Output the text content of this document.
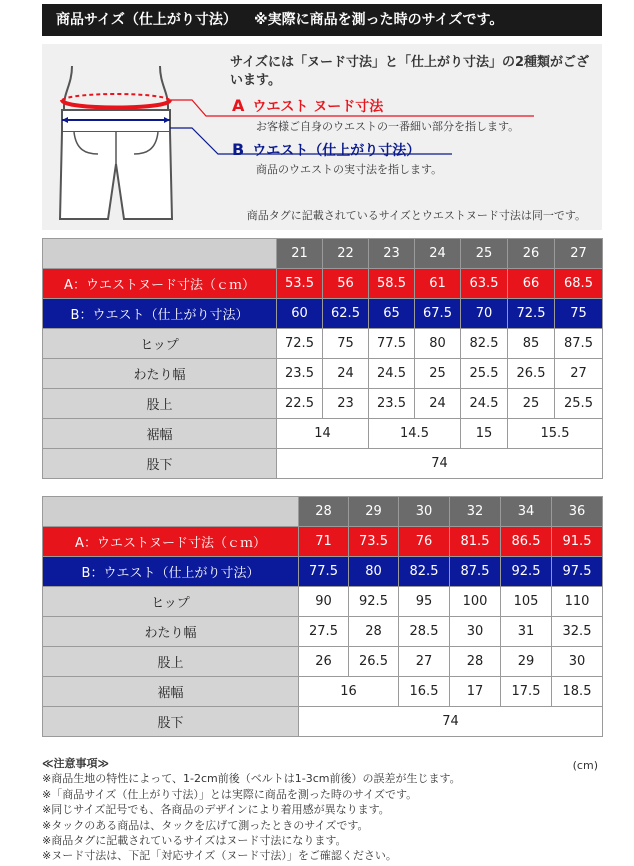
商品サイズ（仕上がり寸法） ※実際に商品を測った時のサイズです。
サイズには「ヌード寸法」と「仕上がり寸法」の2種類がございます。
A ウエスト ヌード寸法
お客様ご自身のウエストの一番細い部分を指します。
B ウエスト（仕上がり寸法）
商品のウエストの実寸法を指します。
商品タグに記載されているサイズとウエストヌード寸法は同一です。
	21	22	23	24	25	26	27
A：ウエストヌード寸法（ｃｍ）	53.5	56	58.5	61	63.5	66	68.5
B：ウエスト（仕上がり寸法）	60	62.5	65	67.5	70	72.5	75
ヒップ	72.5	75	77.5	80	82.5	85	87.5
わたり幅	23.5	24	24.5	25	25.5	26.5	27
股上	22.5	23	23.5	24	24.5	25	25.5
裾幅	14		14.5		15	15.5	
股下	74						
	28	29	30	32	34	36
A：ウエストヌード寸法（ｃｍ）	71	73.5	76	81.5	86.5	91.5
B：ウエスト（仕上がり寸法）	77.5	80	82.5	87.5	92.5	97.5
ヒップ	90	92.5	95	100	105	110
わたり幅	27.5	28	28.5	30	31	32.5
股上	26	26.5	27	28	29	30
裾幅	16		16.5	17	17.5	18.5
股下	74					
≪注意事項≫	(cm)
※商品生地の特性によって、1-2cm前後（ベルトは1-3cm前後）の誤差が生じます。
※「商品サイズ（仕上がり寸法）」とは実際に商品を測った時のサイズです。
※同じサイズ記号でも、各商品のデザインにより着用感が異なります。
※タックのある商品は、タックを広げて測ったときのサイズです。
※商品タグに記載されているサイズはヌード寸法になります。
※ヌード寸法は、下記「対応サイズ（ヌード寸法）」をご確認ください。
